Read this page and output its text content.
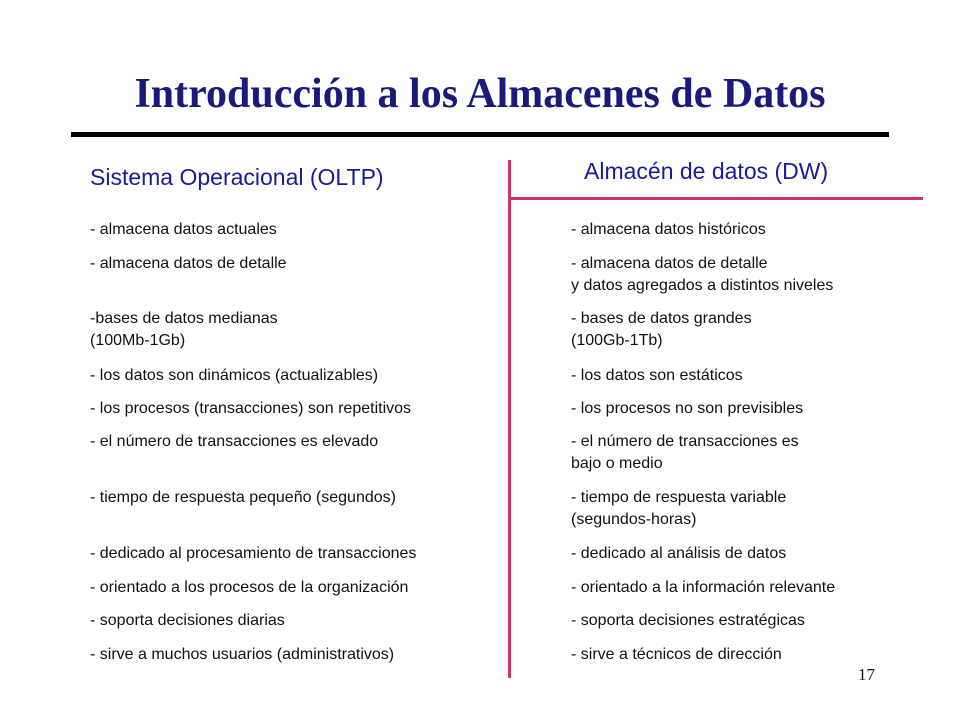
Introducción a los Almacenes de Datos
Sistema Operacional (OLTP)	Almacén de datos (DW)
- almacena datos actuales
- almacena datos de detalle
-bases de datos medianas
(100Mb-1Gb)
- los datos son dinámicos (actualizables)
- los procesos (transacciones) son repetitivos
- el número de transacciones es elevado
- tiempo de respuesta pequeño (segundos)
- dedicado al procesamiento de transacciones
- orientado a los procesos de la organización
- soporta decisiones diarias
- sirve a muchos usuarios (administrativos)
- almacena datos históricos
- almacena datos de detalle
y datos agregados a distintos niveles
- bases de datos grandes
(100Gb-1Tb)
- los datos son estáticos
- los procesos no son previsibles
- el número de transacciones es
bajo o medio
- tiempo de respuesta variable
(segundos-horas)
- dedicado al análisis de datos
- orientado a la información relevante
- soporta decisiones estratégicas
- sirve a técnicos de dirección
17
